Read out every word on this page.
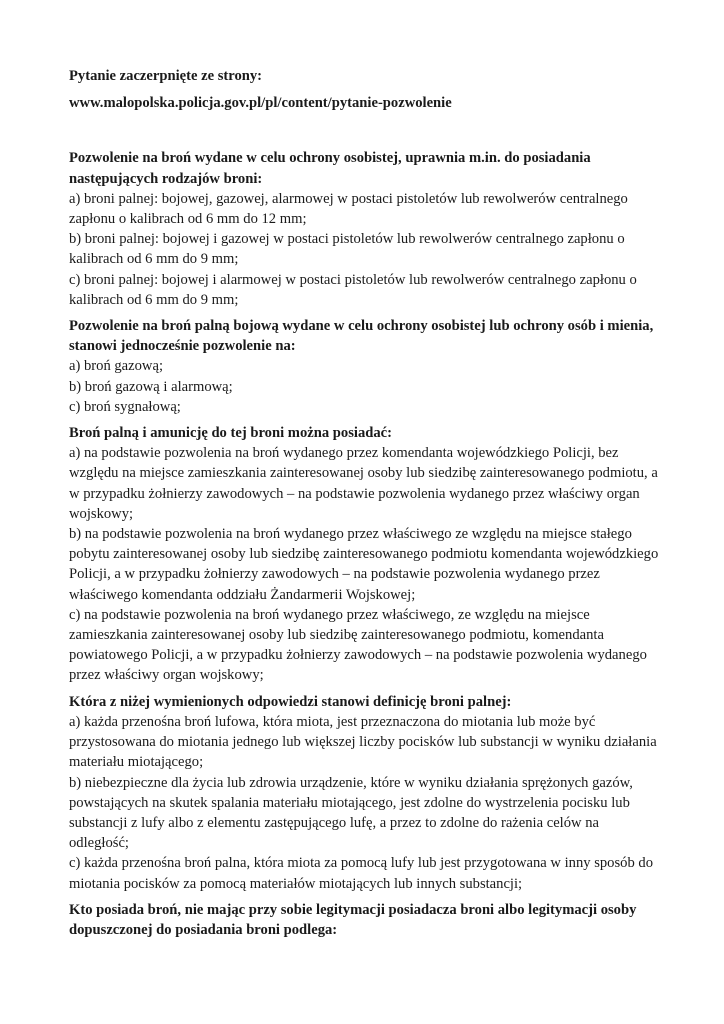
Pytanie zaczerpnięte ze strony:

www.malopolska.policja.gov.pl/pl/content/pytanie-pozwolenie

Pozwolenie na broń wydane w celu ochrony osobistej, uprawnia m.in. do posiadania następujących rodzajów broni:
a) broni palnej: bojowej, gazowej, alarmowej w postaci pistoletów lub rewolwerów centralnego zapłonu o kalibrach od 6 mm do 12 mm;
b) broni palnej: bojowej i gazowej w postaci pistoletów lub rewolwerów centralnego zapłonu o kalibrach od 6 mm do 9 mm;
c) broni palnej: bojowej i alarmowej w postaci pistoletów lub rewolwerów centralnego zapłonu o kalibrach od 6 mm do 9 mm;
Pozwolenie na broń palną bojową wydane w celu ochrony osobistej lub ochrony osób i mienia, stanowi jednocześnie pozwolenie na:
a) broń gazową;
b) broń gazową i alarmową;
c) broń sygnałową;
Broń palną i amunicję do tej broni można posiadać:
a) na podstawie pozwolenia na broń wydanego przez komendanta wojewódzkiego Policji, bez względu na miejsce zamieszkania zainteresowanej osoby lub siedzibę zainteresowanego podmiotu, a w przypadku żołnierzy zawodowych – na podstawie pozwolenia wydanego przez właściwy organ wojskowy;
b) na podstawie pozwolenia na broń wydanego przez właściwego ze względu na miejsce stałego pobytu zainteresowanej osoby lub siedzibę zainteresowanego podmiotu komendanta wojewódzkiego Policji, a w przypadku żołnierzy zawodowych – na podstawie pozwolenia wydanego przez właściwego komendanta oddziału Żandarmerii Wojskowej;
c) na podstawie pozwolenia na broń wydanego przez właściwego, ze względu na miejsce zamieszkania zainteresowanej osoby lub siedzibę zainteresowanego podmiotu, komendanta powiatowego Policji, a w przypadku żołnierzy zawodowych – na podstawie pozwolenia wydanego przez właściwy organ wojskowy;
Która z niżej wymienionych odpowiedzi stanowi definicję broni palnej:
a) każda przenośna broń lufowa, która miota, jest przeznaczona do miotania lub może być przystosowana do miotania jednego lub większej liczby pocisków lub substancji w wyniku działania materiału miotającego;
b) niebezpieczne dla życia lub zdrowia urządzenie, które w wyniku działania sprężonych gazów, powstających na skutek spalania materiału miotającego, jest zdolne do wystrzelenia pocisku lub substancji z lufy albo z elementu zastępującego lufę, a przez to zdolne do rażenia celów na odległość;
c) każda przenośna broń palna, która miota za pomocą lufy lub jest przygotowana w inny sposób do miotania pocisków za pomocą materiałów miotających lub innych substancji;
Kto posiada broń, nie mając przy sobie legitymacji posiadacza broni albo legitymacji osoby dopuszczonej do posiadania broni podlega:
